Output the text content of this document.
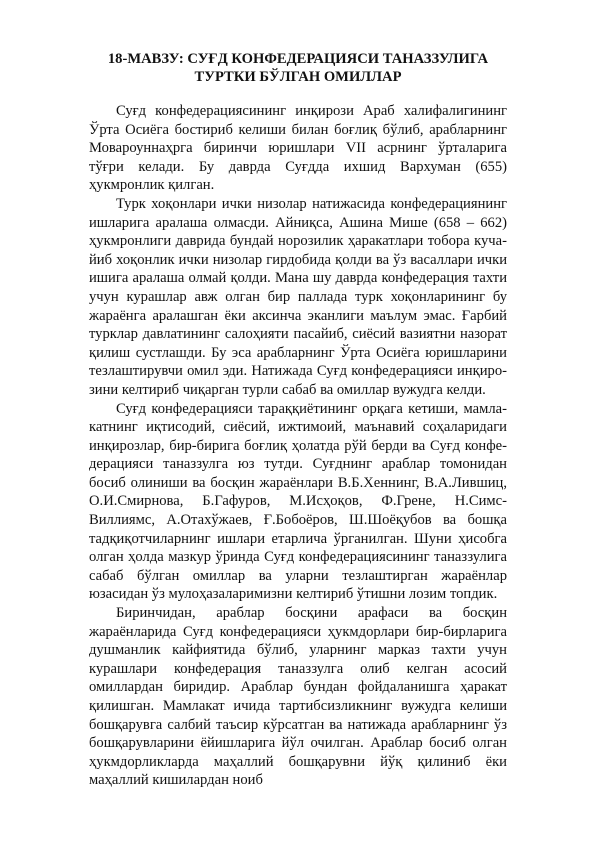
18-МАВЗУ: СУҒД КОНФЕДЕРАЦИЯСИ ТАНАЗЗУЛИГА
ТУРТКИ БЎЛГАН ОМИЛЛАР

Суғд конфедерациясининг инқирози Араб халифалигининг Ўрта Осиёга бостириб келиши билан боғлиқ бўлиб, арабларнинг Мовароуннаҳрга биринчи юришлари VII асрнинг ўрталарига тўғри келади. Бу даврда Суғдда ихшид Вархуман (655) ҳукмронлик қилган.

Турк хоқонлари ички низолар натижасида конфедерациянинг ишларига аралаша олмасди. Айниқса, Ашина Мише (658 – 662) ҳукмронлиги даврида бундай норозилик ҳаракатлари тобора кучайиб хоқонлик ички низолар гирдобида қолди ва ўз васаллари ички ишига аралаша олмай қолди. Мана шу даврда конфедерация тахти учун курашлар авж олган бир паллада турк хоқонларининг бу жараёнга аралашган ёки аксинча эканлиги маълум эмас. Ғарбий турклар давлатининг салоҳияти пасайиб, сиёсий вазиятни назорат қилиш сустлашди. Бу эса арабларнинг Ўрта Осиёга юришларини тезлаштирувчи омил эди. Натижада Суғд конфедерацияси инқирозини келтириб чиқарган турли сабаб ва омиллар вужудга келди.

Суғд конфедерацияси тараққиётининг орқага кетиши, мамлакатнинг иқтисодий, сиёсий, ижтимоий, маънавий соҳаларидаги инқирозлар, бир-бирига боғлиқ ҳолатда рўй берди ва Суғд конфедерацияси таназзулга юз тутди. Суғднинг араблар томонидан босиб олиниши ва босқин жараёнлари В.Б.Хеннинг, В.А.Лившиц, О.И.Смирнова, Б.Гафуров, М.Исҳоқов, Ф.Грене, Н.Симс-Виллиямс, А.Отахўжаев, Ғ.Бобоёров, Ш.Шоёқубов ва бошқа тадқиқотчиларнинг ишлари етарлича ўрганилган. Шуни ҳисобга олган ҳолда мазкур ўринда Суғд конфедерациясининг таназзулига сабаб бўлган омиллар ва уларни тезлаштирган жараёнлар юзасидан ўз мулоҳазаларимизни келтириб ўтишни лозим топдик.

Биринчидан, араблар босқини арафаси ва босқин жараёнларида Суғд конфедерацияси ҳукмдорлари бир-бирларига душманлик кайфиятида бўлиб, уларнинг марказ тахти учун курашлари конфедерация таназзулга олиб келган асосий омиллардан биридир. Араблар бундан фойдаланишга ҳаракат қилишган. Мамлакат ичида тартибсизликнинг вужудга келиши бошқарувга салбий таъсир кўрсатган ва натижада арабларнинг ўз бошқарувларини ёйишларига йўл очилган. Араблар босиб олган ҳукмдорликларда маҳаллий бошқарувни йўқ қилиниб ёки маҳаллий кишилардан ноиб
